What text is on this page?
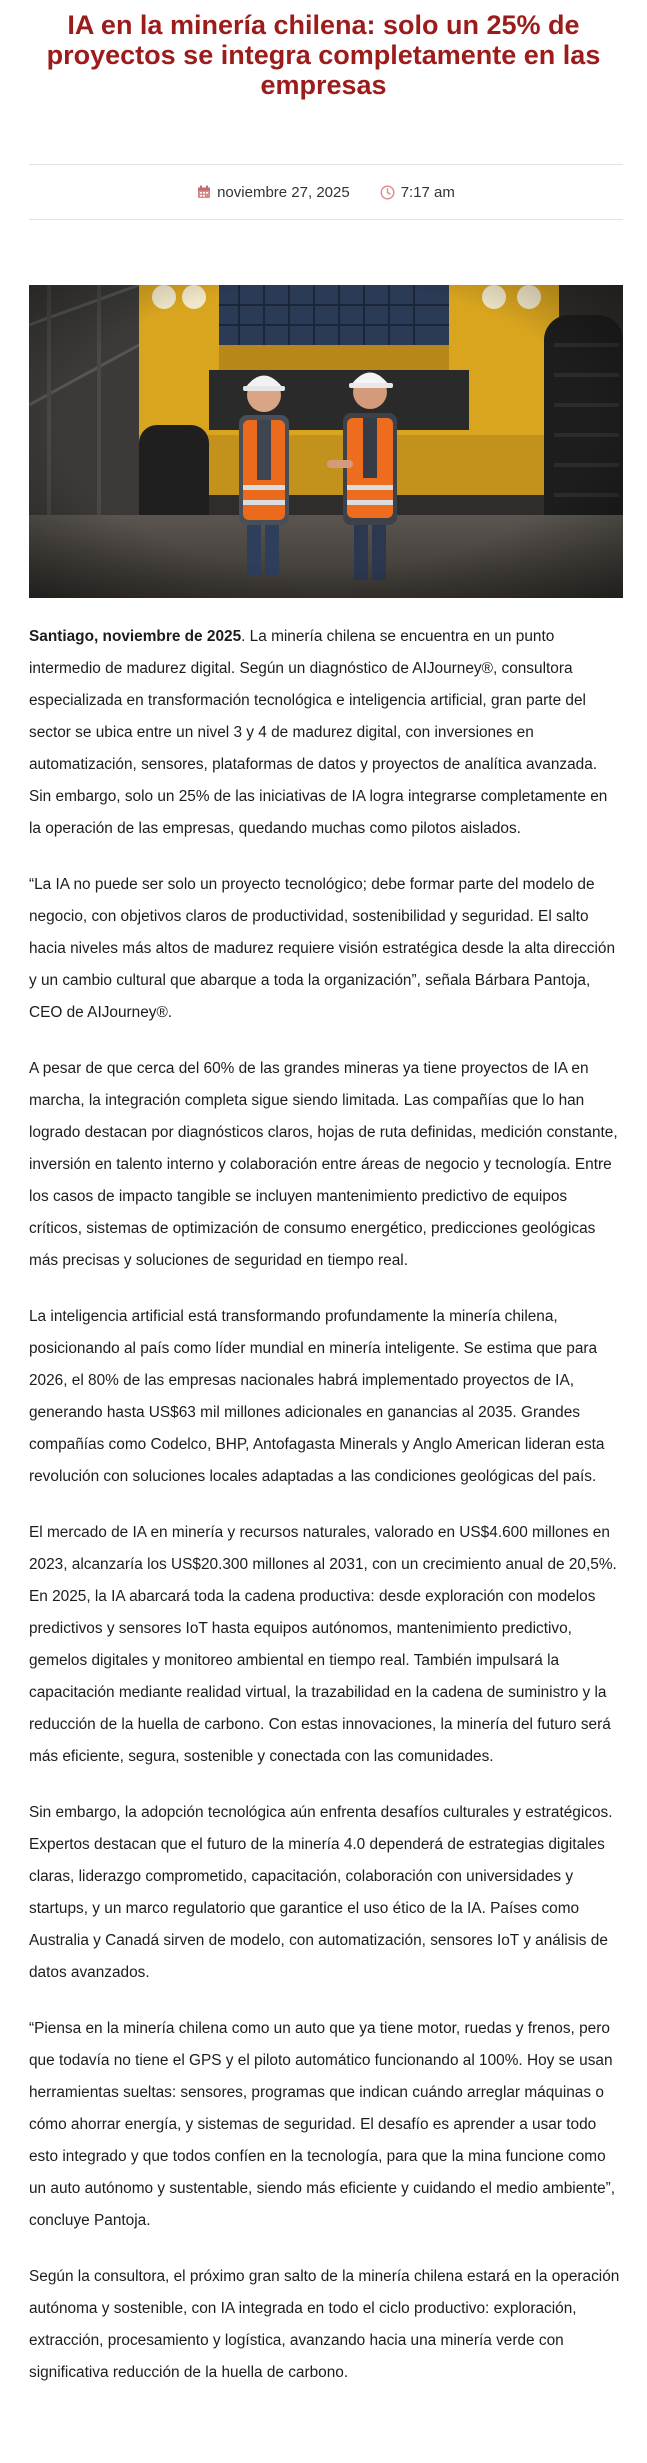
IA en la minería chilena: solo un 25% de proyectos se integra completamente en las empresas
noviembre 27, 2025	7:17 am

Santiago, noviembre de 2025. La minería chilena se encuentra en un punto intermedio de madurez digital. Según un diagnóstico de AIJourney®, consultora especializada en transformación tecnológica e inteligencia artificial, gran parte del sector se ubica entre un nivel 3 y 4 de madurez digital, con inversiones en automatización, sensores, plataformas de datos y proyectos de analítica avanzada. Sin embargo, solo un 25% de las iniciativas de IA logra integrarse completamente en la operación de las empresas, quedando muchas como pilotos aislados.

“La IA no puede ser solo un proyecto tecnológico; debe formar parte del modelo de negocio, con objetivos claros de productividad, sostenibilidad y seguridad. El salto hacia niveles más altos de madurez requiere visión estratégica desde la alta dirección y un cambio cultural que abarque a toda la organización”, señala Bárbara Pantoja, CEO de AIJourney®.

A pesar de que cerca del 60% de las grandes mineras ya tiene proyectos de IA en marcha, la integración completa sigue siendo limitada. Las compañías que lo han logrado destacan por diagnósticos claros, hojas de ruta definidas, medición constante, inversión en talento interno y colaboración entre áreas de negocio y tecnología. Entre los casos de impacto tangible se incluyen mantenimiento predictivo de equipos críticos, sistemas de optimización de consumo energético, predicciones geológicas más precisas y soluciones de seguridad en tiempo real.

La inteligencia artificial está transformando profundamente la minería chilena, posicionando al país como líder mundial en minería inteligente. Se estima que para 2026, el 80% de las empresas nacionales habrá implementado proyectos de IA, generando hasta US$63 mil millones adicionales en ganancias al 2035. Grandes compañías como Codelco, BHP, Antofagasta Minerals y Anglo American lideran esta revolución con soluciones locales adaptadas a las condiciones geológicas del país.

El mercado de IA en minería y recursos naturales, valorado en US$4.600 millones en 2023, alcanzaría los US$20.300 millones al 2031, con un crecimiento anual de 20,5%. En 2025, la IA abarcará toda la cadena productiva: desde exploración con modelos predictivos y sensores IoT hasta equipos autónomos, mantenimiento predictivo, gemelos digitales y monitoreo ambiental en tiempo real. También impulsará la capacitación mediante realidad virtual, la trazabilidad en la cadena de suministro y la reducción de la huella de carbono. Con estas innovaciones, la minería del futuro será más eficiente, segura, sostenible y conectada con las comunidades.

Sin embargo, la adopción tecnológica aún enfrenta desafíos culturales y estratégicos. Expertos destacan que el futuro de la minería 4.0 dependerá de estrategias digitales claras, liderazgo comprometido, capacitación, colaboración con universidades y startups, y un marco regulatorio que garantice el uso ético de la IA. Países como Australia y Canadá sirven de modelo, con automatización, sensores IoT y análisis de datos avanzados.

“Piensa en la minería chilena como un auto que ya tiene motor, ruedas y frenos, pero que todavía no tiene el GPS y el piloto automático funcionando al 100%. Hoy se usan herramientas sueltas: sensores, programas que indican cuándo arreglar máquinas o cómo ahorrar energía, y sistemas de seguridad. El desafío es aprender a usar todo esto integrado y que todos confíen en la tecnología, para que la mina funcione como un auto autónomo y sustentable, siendo más eficiente y cuidando el medio ambiente”, concluye Pantoja.

Según la consultora, el próximo gran salto de la minería chilena estará en la operación autónoma y sostenible, con IA integrada en todo el ciclo productivo: exploración, extracción, procesamiento y logística, avanzando hacia una minería verde con significativa reducción de la huella de carbono.
